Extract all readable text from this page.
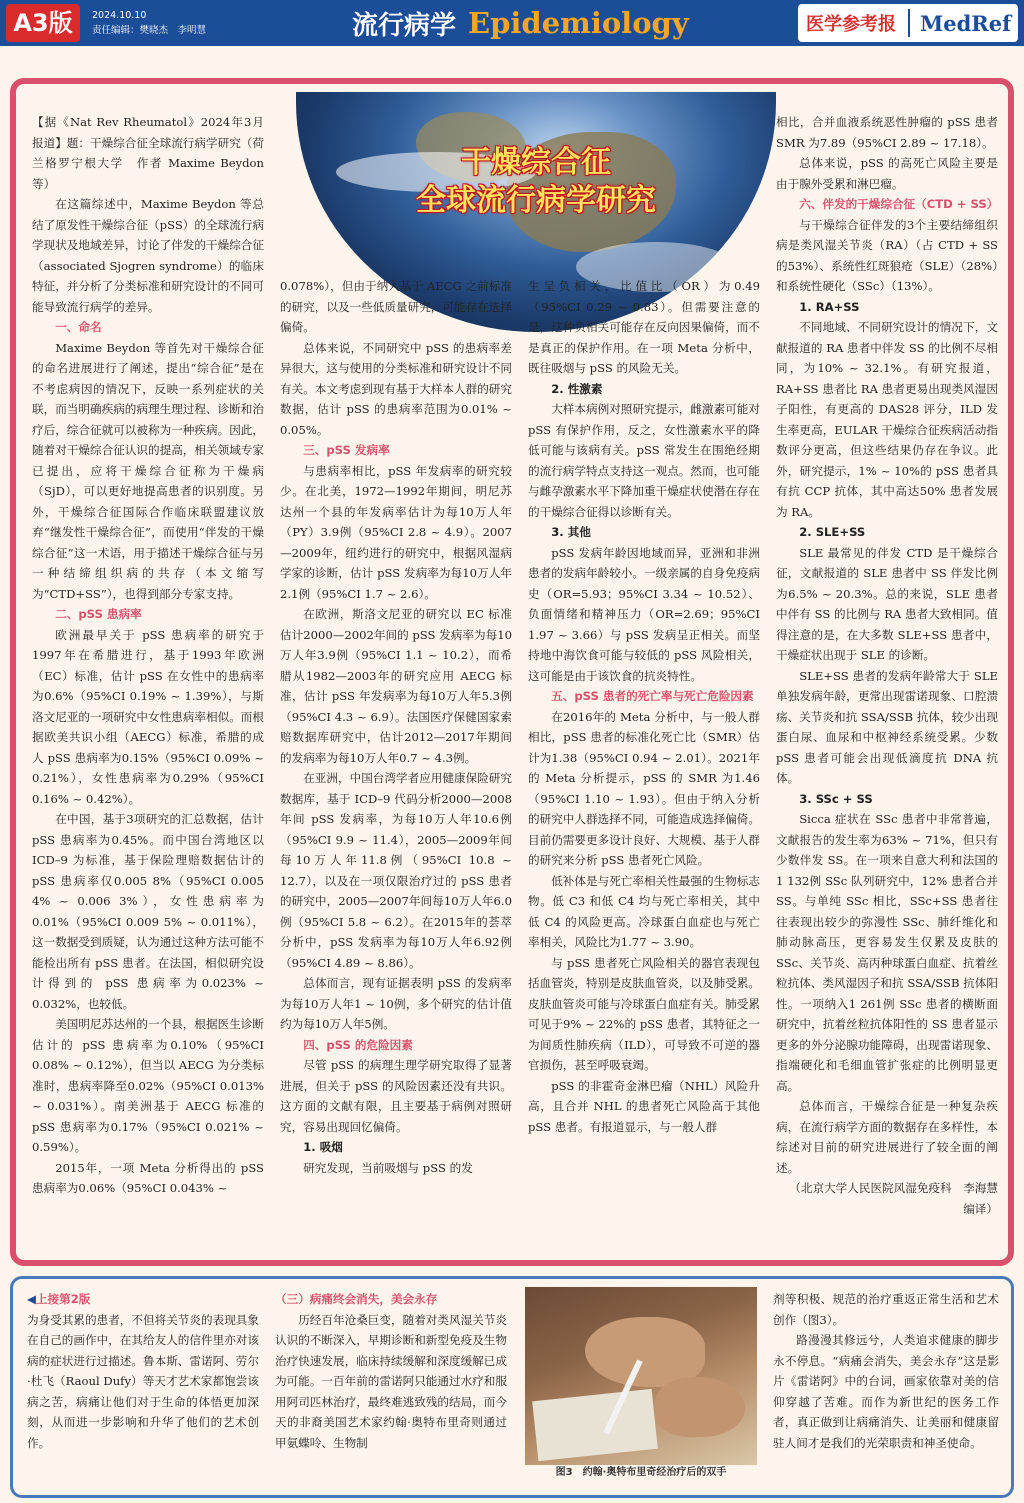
A3版	2024.10.10
责任编辑：樊晓杰　李明慧	流行病学 Epidemiology	医学参考报	MedRef
干燥综合征
全球流行病学研究

【据《Nat Rev Rheumatol》2024年3月报道】题：干燥综合征全球流行病学研究（荷兰格罗宁根大学　作者 Maxime Beydon 等）

在这篇综述中，Maxime Beydon 等总结了原发性干燥综合征（pSS）的全球流行病学现状及地域差异，讨论了伴发的干燥综合征（associated Sjogren syndrome）的临床特征，并分析了分类标准和研究设计的不同可能导致流行病学的差异。

一、命名

Maxime Beydon 等首先对干燥综合征的命名进展进行了阐述，提出“综合征”是在不考虑病因的情况下，反映一系列症状的关联，而当明确疾病的病理生理过程、诊断和治疗后，综合征就可以被称为一种疾病。因此，随着对干燥综合征认识的提高，相关领域专家已提出，应将干燥综合征称为干燥病（SjD），可以更好地提高患者的识别度。另外，干燥综合征国际合作临床联盟建议放弃“继发性干燥综合征”，而使用“伴发的干燥综合征”这一术语，用于描述干燥综合征与另一种结缔组织病的共存（本文缩写为“CTD+SS”），也得到部分专家支持。

二、pSS 患病率

欧洲最早关于 pSS 患病率的研究于1997年在希腊进行，基于1993年欧洲（EC）标准，估计 pSS 在女性中的患病率为0.6%（95%CI 0.19% ~ 1.39%），与斯洛文尼亚的一项研究中女性患病率相似。而根据欧美共识小组（AECG）标准，希腊的成人 pSS 患病率为0.15%（95%CI 0.09% ~ 0.21%），女性患病率为0.29%（95%CI 0.16% ~ 0.42%）。

在中国，基于3项研究的汇总数据，估计 pSS 患病率为0.45%。而中国台湾地区以 ICD–9 为标准，基于保险理赔数据估计的 pSS 患病率仅0.005 8%（95%CI 0.005 4% ~ 0.006 3%），女性患病率为0.01%（95%CI 0.009 5% ~ 0.011%），这一数据受到质疑，认为通过这种方法可能不能检出所有 pSS 患者。在法国，相似研究设计得到的 pSS 患病率为0.023% ~ 0.032%，也较低。

美国明尼苏达州的一个县，根据医生诊断估计的 pSS 患病率为0.10%（95%CI 0.08% ~ 0.12%），但当以 AECG 为分类标准时，患病率降至0.02%（95%CI 0.013% ~ 0.031%）。南美洲基于 AECG 标准的 pSS 患病率为0.17%（95%CI 0.021% ~ 0.59%）。

2015年，一项 Meta 分析得出的 pSS 患病率为0.06%（95%CI 0.043% ~

0.078%），但由于纳入基于 AECG 之前标准的研究，以及一些低质量研究，可能存在选择偏倚。

总体来说，不同研究中 pSS 的患病率差异很大，这与使用的分类标准和研究设计不同有关。本文考虑到现有基于大样本人群的研究数据，估计 pSS 的患病率范围为0.01% ~ 0.05%。

三、pSS 发病率

与患病率相比，pSS 年发病率的研究较少。在北美，1972—1992年期间，明尼苏达州一个县的年发病率估计为每10万人年（PY）3.9例（95%CI 2.8 ~ 4.9）。2007—2009年，纽约进行的研究中，根据风湿病学家的诊断，估计 pSS 发病率为每10万人年2.1例（95%CI 1.7 ~ 2.6）。

在欧洲，斯洛文尼亚的研究以 EC 标准估计2000—2002年间的 pSS 发病率为每10万人年3.9例（95%CI 1.1 ~ 10.2），而希腊从1982—2003年的研究应用 AECG 标准，估计 pSS 年发病率为每10万人年5.3例（95%CI 4.3 ~ 6.9）。法国医疗保健国家索赔数据库研究中，估计2012—2017年期间的发病率为每10万人年0.7 ~ 4.3例。

在亚洲，中国台湾学者应用健康保险研究数据库，基于 ICD–9 代码分析2000—2008年间 pSS 发病率，为每10万人年10.6例（95%CI 9.9 ~ 11.4），2005—2009年间每10万人年11.8例（95%CI 10.8 ~ 12.7），以及在一项仅限治疗过的 pSS 患者的研究中，2005—2007年间每10万人年6.0例（95%CI 5.8 ~ 6.2）。在2015年的荟萃分析中，pSS 发病率为每10万人年6.92例（95%CI 4.89 ~ 8.86）。

总体而言，现有证据表明 pSS 的发病率为每10万人年1 ~ 10例，多个研究的估计值约为每10万人年5例。

四、pSS 的危险因素

尽管 pSS 的病理生理学研究取得了显著进展，但关于 pSS 的风险因素还没有共识。这方面的文献有限，且主要基于病例对照研究，容易出现回忆偏倚。

1. 吸烟

研究发现，当前吸烟与 pSS 的发

生呈负相关，比值比（OR）为0.49（95%CI 0.29 ~ 0.83）。但需要注意的是，这种负相关可能存在反向因果偏倚，而不是真正的保护作用。在一项 Meta 分析中，既往吸烟与 pSS 的风险无关。

2. 性激素

大样本病例对照研究提示，雌激素可能对 pSS 有保护作用，反之，女性激素水平的降低可能与该病有关。pSS 常发生在围绝经期的流行病学特点支持这一观点。然而，也可能与雌孕激素水平下降加重干燥症状使潜在存在的干燥综合征得以诊断有关。

3. 其他

pSS 发病年龄因地域而异，亚洲和非洲患者的发病年龄较小。一级亲属的自身免疫病史（OR=5.93；95%CI 3.34 ~ 10.52）、负面情绪和精神压力（OR=2.69；95%CI 1.97 ~ 3.66）与 pSS 发病呈正相关。而坚持地中海饮食可能与较低的 pSS 风险相关，这可能是由于该饮食的抗炎特性。

五、pSS 患者的死亡率与死亡危险因素

在2016年的 Meta 分析中，与一般人群相比，pSS 患者的标准化死亡比（SMR）估计为1.38（95%CI 0.94 ~ 2.01）。2021年的 Meta 分析提示，pSS 的 SMR 为1.46（95%CI 1.10 ~ 1.93）。但由于纳入分析的研究中人群选择不同，可能造成选择偏倚。目前仍需要更多设计良好、大规模、基于人群的研究来分析 pSS 患者死亡风险。

低补体是与死亡率相关性最强的生物标志物。低 C3 和低 C4 均与死亡率相关，其中低 C4 的风险更高。冷球蛋白血症也与死亡率相关，风险比为1.77 ~ 3.90。

与 pSS 患者死亡风险相关的器官表现包括血管炎，特别是皮肤血管炎，以及肺受累。皮肤血管炎可能与冷球蛋白血症有关。肺受累可见于9% ~ 22%的 pSS 患者，其特征之一为间质性肺疾病（ILD），可导致不可逆的器官损伤，甚至呼吸衰竭。

pSS 的非霍奇金淋巴瘤（NHL）风险升高，且合并 NHL 的患者死亡风险高于其他 pSS 患者。有报道显示，与一般人群

相比，合并血液系统恶性肿瘤的 pSS 患者 SMR 为7.89（95%CI 2.89 ~ 17.18）。

总体来说，pSS 的高死亡风险主要是由于腺外受累和淋巴瘤。

六、伴发的干燥综合征（CTD + SS）

与干燥综合征伴发的3个主要结缔组织病是类风湿关节炎（RA）（占 CTD + SS 的53%）、系统性红斑狼疮（SLE）（28%）和系统性硬化（SSc）（13%）。

1. RA+SS

不同地域、不同研究设计的情况下，文献报道的 RA 患者中伴发 SS 的比例不尽相同，为10% ~ 32.1%。有研究报道，RA+SS 患者比 RA 患者更易出现类风湿因子阳性，有更高的 DAS28 评分，ILD 发生率更高，EULAR 干燥综合征疾病活动指数评分更高，但这些结果仍存在争议。此外，研究提示，1% ~ 10%的 pSS 患者具有抗 CCP 抗体，其中高达50% 患者发展为 RA。

2. SLE+SS

SLE 最常见的伴发 CTD 是干燥综合征，文献报道的 SLE 患者中 SS 伴发比例为6.5% ~ 20.3%。总的来说，SLE 患者中伴有 SS 的比例与 RA 患者大致相同。值得注意的是，在大多数 SLE+SS 患者中，干燥症状出现于 SLE 的诊断。

SLE+SS 患者的发病年龄常大于 SLE 单独发病年龄，更常出现雷诺现象、口腔溃疡、关节炎和抗 SSA/SSB 抗体，较少出现蛋白尿、血尿和中枢神经系统受累。少数 pSS 患者可能会出现低滴度抗 DNA 抗体。

3. SSc + SS

Sicca 症状在 SSc 患者中非常普遍，文献报告的发生率为63% ~ 71%，但只有少数伴发 SS。在一项来自意大利和法国的1 132例 SSc 队列研究中，12% 患者合并 SS。与单纯 SSc 相比，SSc+SS 患者往往表现出较少的弥漫性 SSc、肺纤维化和肺动脉高压，更容易发生仅累及皮肤的 SSc、关节炎、高丙种球蛋白血症、抗着丝粒抗体、类风湿因子和抗 SSA/SSB 抗体阳性。一项纳入1 261例 SSc 患者的横断面研究中，抗着丝粒抗体阳性的 SS 患者显示更多的外分泌腺功能障碍，出现雷诺现象、指端硬化和毛细血管扩张症的比例明显更高。

总体而言，干燥综合征是一种复杂疾病，在流行病学方面的数据存在多样性，本综述对目前的研究进展进行了较全面的阐述。

（北京大学人民医院风湿免疫科　李海慧 编译）

◀上接第2版

为身受其累的患者，不但将关节炎的表现具象在自己的画作中，在其给友人的信件里亦对该病的症状进行过描述。鲁本斯、雷诺阿、劳尔·杜飞（Raoul Dufy）等天才艺术家都饱尝该病之苦，病痛让他们对于生命的体悟更加深刻，从而进一步影响和升华了他们的艺术创作。

（三）病痛终会消失，美会永存

历经百年沧桑巨变，随着对类风湿关节炎认识的不断深入，早期诊断和新型免疫及生物治疗快速发展，临床持续缓解和深度缓解已成为可能。一百年前的雷诺阿只能通过水疗和服用阿司匹林治疗，最终难逃致残的结局，而今天的非裔美国艺术家约翰·奥特布里奇则通过甲氨蝶呤、生物制

图3　约翰·奥特布里奇经治疗后的双手

剂等积极、规范的治疗重返正常生活和艺术创作（图3）。

路漫漫其修远兮，人类追求健康的脚步永不停息。“病痛会消失，美会永存”这是影片《雷诺阿》中的台词，画家依靠对美的信仰穿越了苦难。而作为新世纪的医务工作者，真正做到让病痛消失、让美丽和健康留驻人间才是我们的光荣职责和神圣使命。
